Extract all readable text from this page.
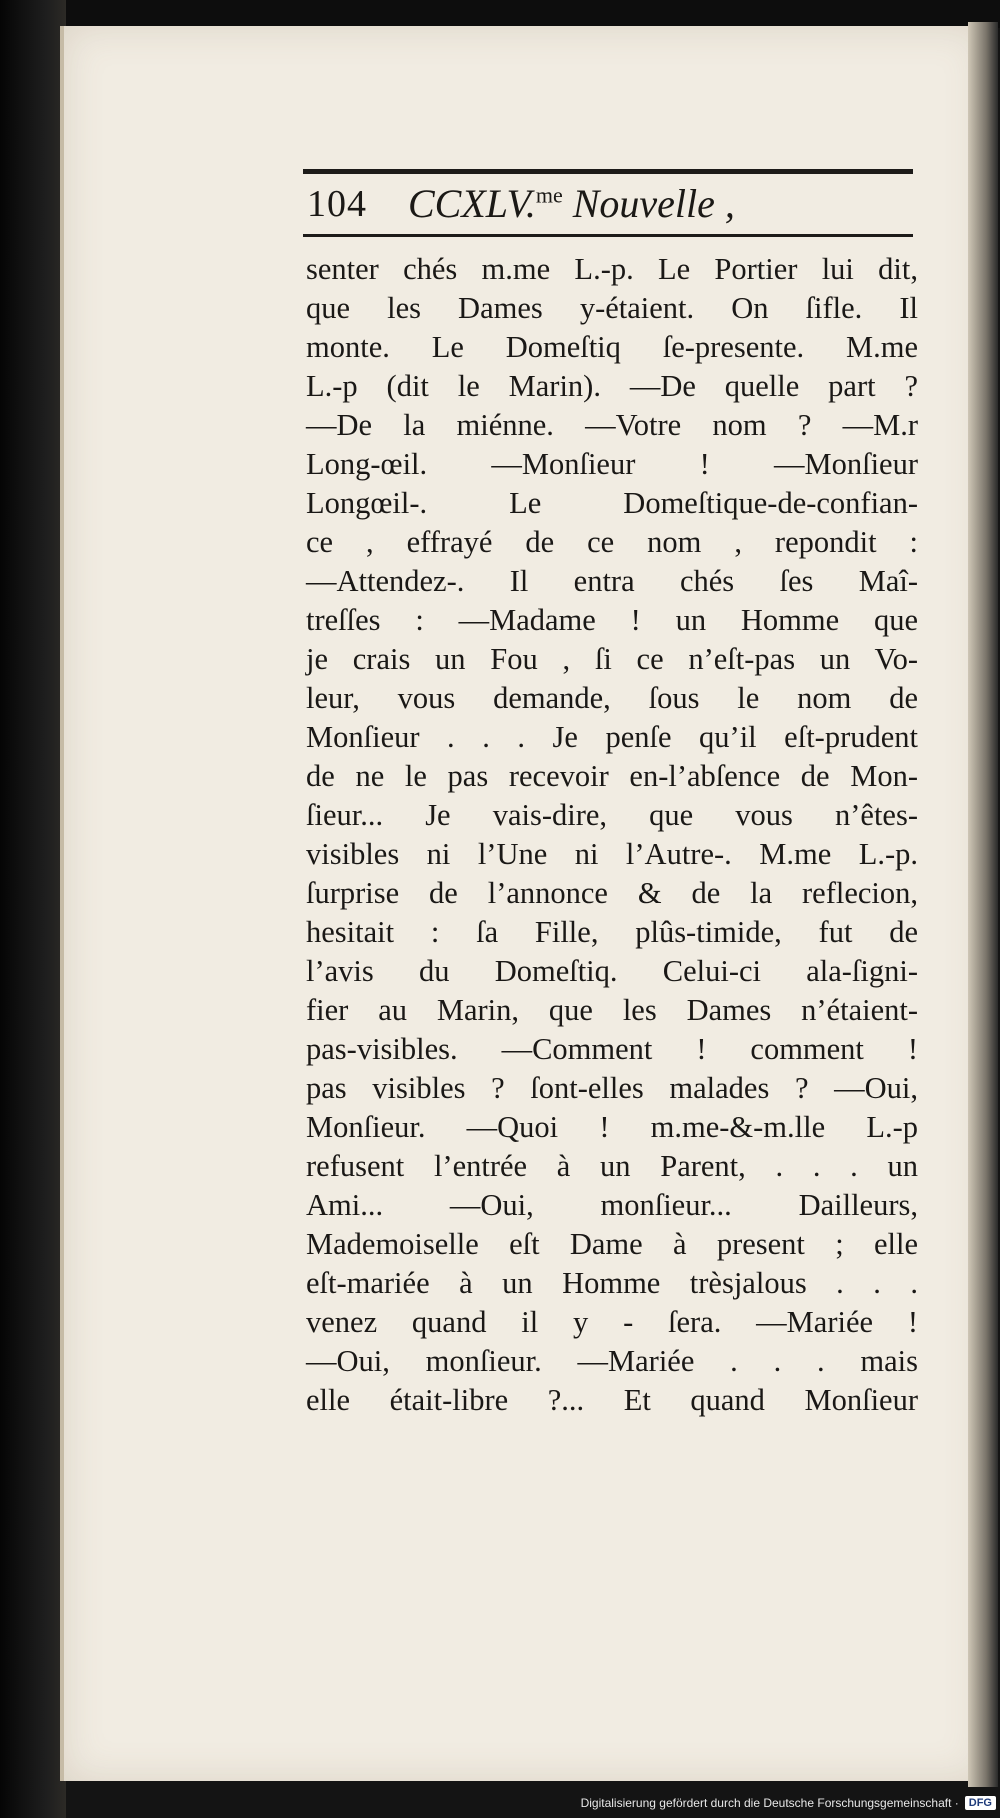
104 CCXLV.$^{me}$ Nouvelle ,
senter chés m.me L.-p. Le Portier lui dit,
que les Dames y-étaient. On ſifle. Il
monte. Le Domeſtiq ſe-presente. M.me
L.-p (dit le Marin). —De quelle part ?
—De la miénne. —Votre nom ? —M.r
Long-œil. —Monſieur ! —Monſieur
Longœil-. Le Domeſtique-de-confian-
ce , effrayé de ce nom , repondit :
—Attendez-. Il entra chés ſes Maî-
treſſes : —Madame ! un Homme que
je crais un Fou , ſi ce n’eſt-pas un Vo-
leur, vous demande, ſous le nom de
Monſieur . . . Je penſe qu’il eſt-prudent
de ne le pas recevoir en-l’abſence de Mon-
ſieur... Je vais-dire, que vous n’êtes-
visibles ni l’Une ni l’Autre-. M.me L.-p.
ſurprise de l’annonce & de la reflecion,
hesitait : ſa Fille, plûs-timide, fut de
l’avis du Domeſtiq. Celui-ci ala-ſigni-
fier au Marin, que les Dames n’étaient-
pas-visibles. —Comment ! comment !
pas visibles ? ſont-elles malades ? —Oui,
Monſieur. —Quoi ! m.me-&-m.lle L.-p
refusent l’entrée à un Parent, . . . un
Ami... —Oui, monſieur... Dailleurs,
Mademoiselle eſt Dame à present ; elle
eſt-mariée à un Homme trèsjalous . . .
venez quand il y - ſera. —Mariée !
—Oui, monſieur. —Mariée . . . mais
elle était-libre ?... Et quand Monſieur
Digitalisierung gefördert durch die Deutsche Forschungsgemeinschaft · DFG
